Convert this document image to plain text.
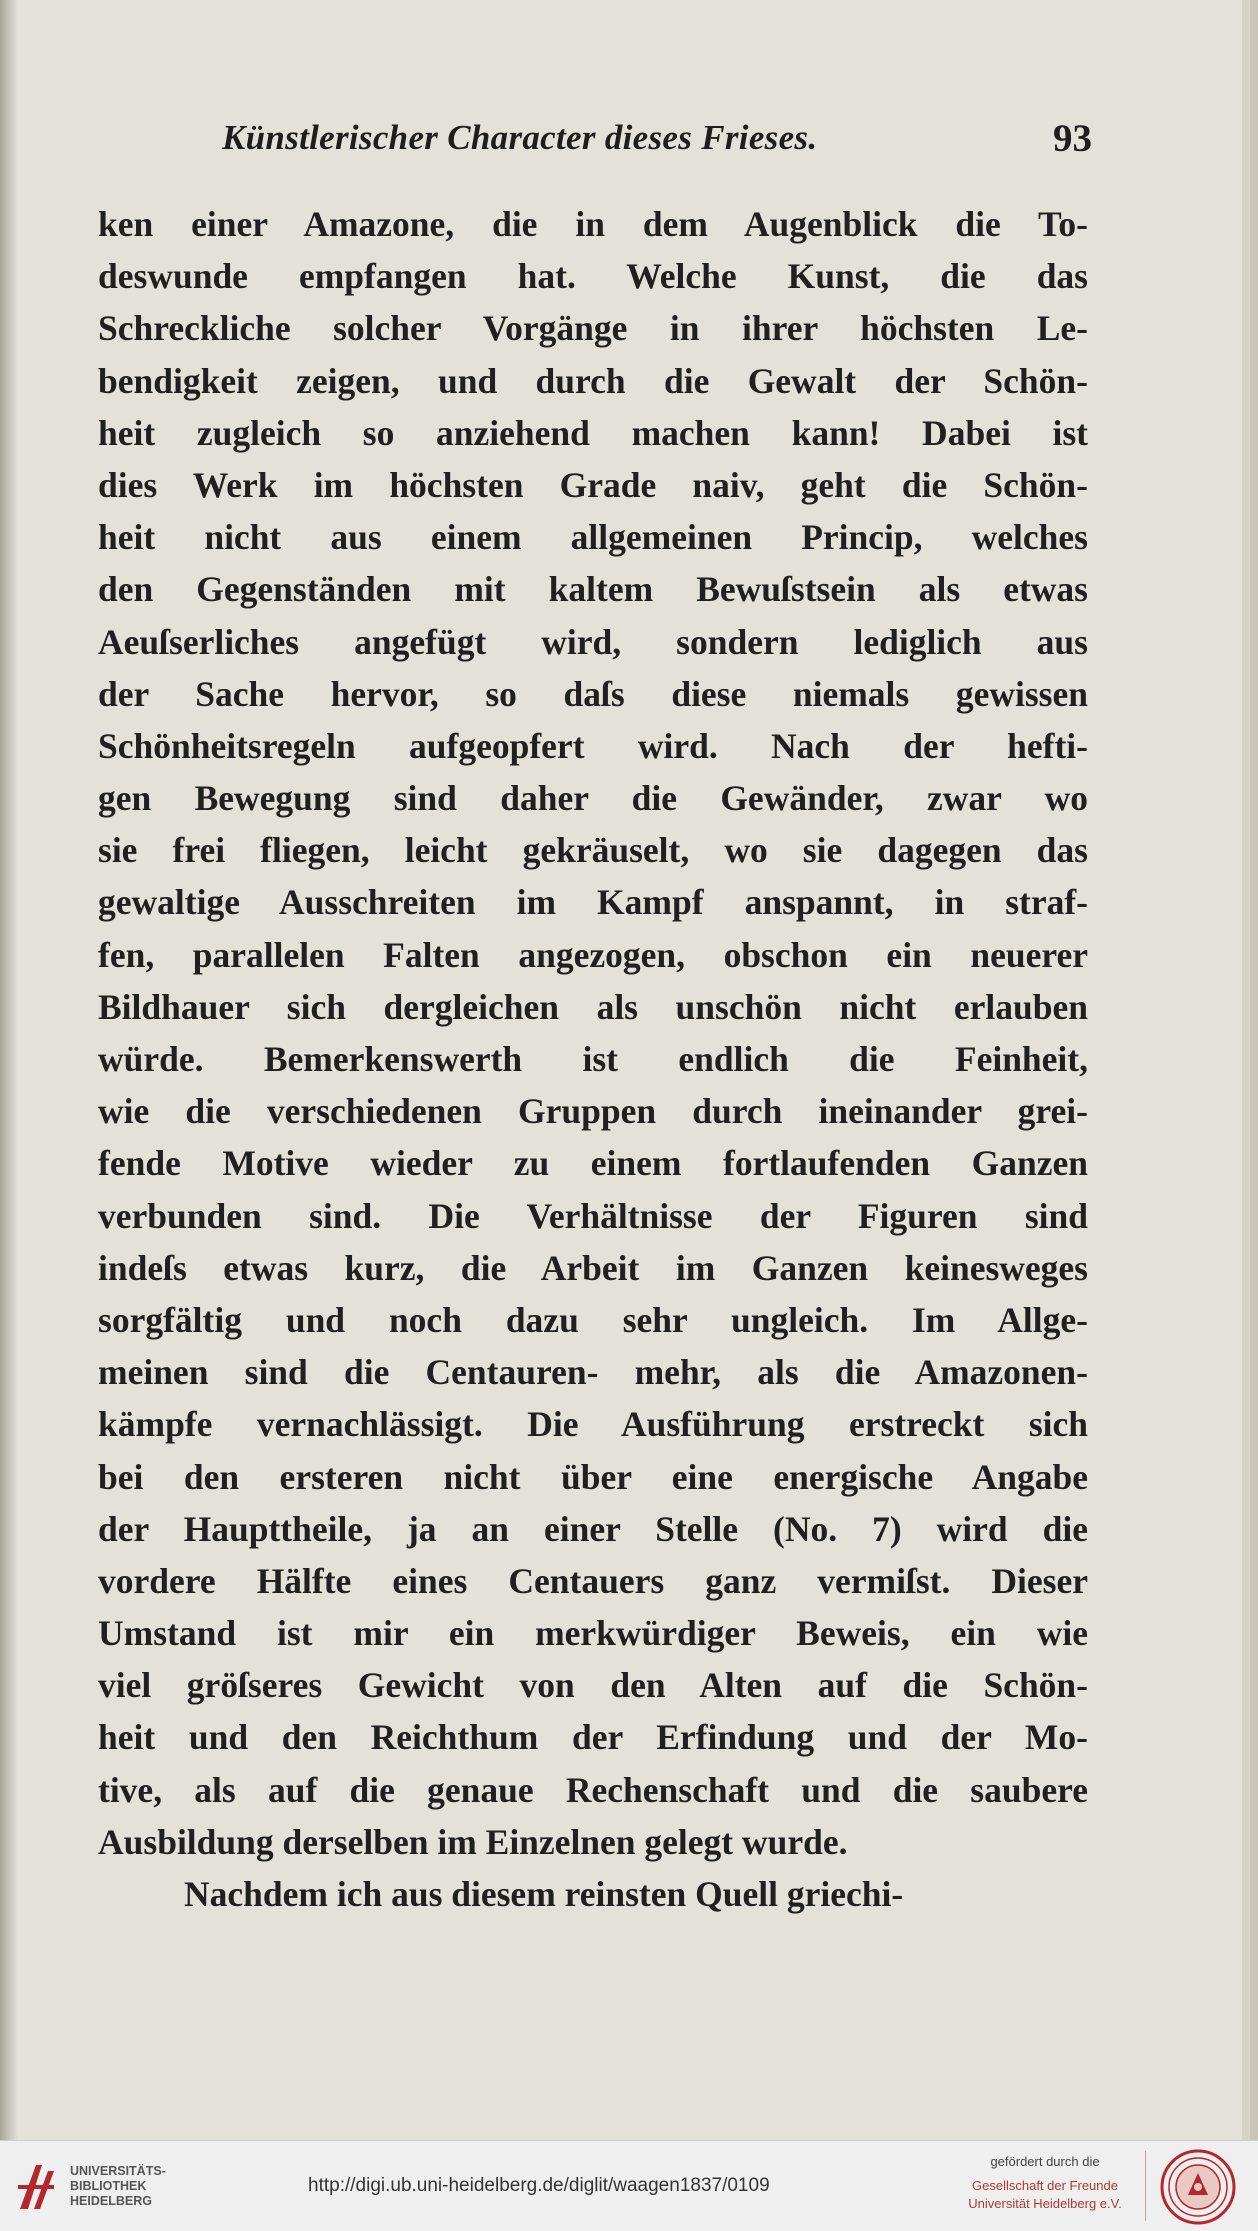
Künstlerischer Character dieses Frieses.	93
ken einer Amazone, die in dem Augenblick die To-
deswunde empfangen hat. Welche Kunst, die das
Schreckliche solcher Vorgänge in ihrer höchsten Le-
bendigkeit zeigen, und durch die Gewalt der Schön-
heit zugleich so anziehend machen kann! Dabei ist
dies Werk im höchsten Grade naiv, geht die Schön-
heit nicht aus einem allgemeinen Princip, welches
den Gegenständen mit kaltem Bewuſstsein als etwas
Aeuſserliches angefügt wird, sondern lediglich aus
der Sache hervor, so daſs diese niemals gewissen
Schönheitsregeln aufgeopfert wird. Nach der hefti-
gen Bewegung sind daher die Gewänder, zwar wo
sie frei fliegen, leicht gekräuselt, wo sie dagegen das
gewaltige Ausschreiten im Kampf anspannt, in straf-
fen, parallelen Falten angezogen, obschon ein neuerer
Bildhauer sich dergleichen als unschön nicht erlauben
würde. Bemerkenswerth ist endlich die Feinheit,
wie die verschiedenen Gruppen durch ineinander grei-
fende Motive wieder zu einem fortlaufenden Ganzen
verbunden sind. Die Verhältnisse der Figuren sind
indeſs etwas kurz, die Arbeit im Ganzen keinesweges
sorgfältig und noch dazu sehr ungleich. Im Allge-
meinen sind die Centauren- mehr, als die Amazonen-
kämpfe vernachlässigt. Die Ausführung erstreckt sich
bei den ersteren nicht über eine energische Angabe
der Haupttheile, ja an einer Stelle (No. 7) wird die
vordere Hälfte eines Centauers ganz vermiſst. Dieser
Umstand ist mir ein merkwürdiger Beweis, ein wie
viel gröſseres Gewicht von den Alten auf die Schön-
heit und den Reichthum der Erfindung und der Mo-
tive, als auf die genaue Rechenschaft und die saubere
Ausbildung derselben im Einzelnen gelegt wurde.
Nachdem ich aus diesem reinsten Quell griechi-
UNIVERSITÄTS-
BIBLIOTHEK
HEIDELBERG
http://digi.ub.uni-heidelberg.de/diglit/waagen1837/0109
gefördert durch die
Gesellschaft der Freunde
Universität Heidelberg e.V.
